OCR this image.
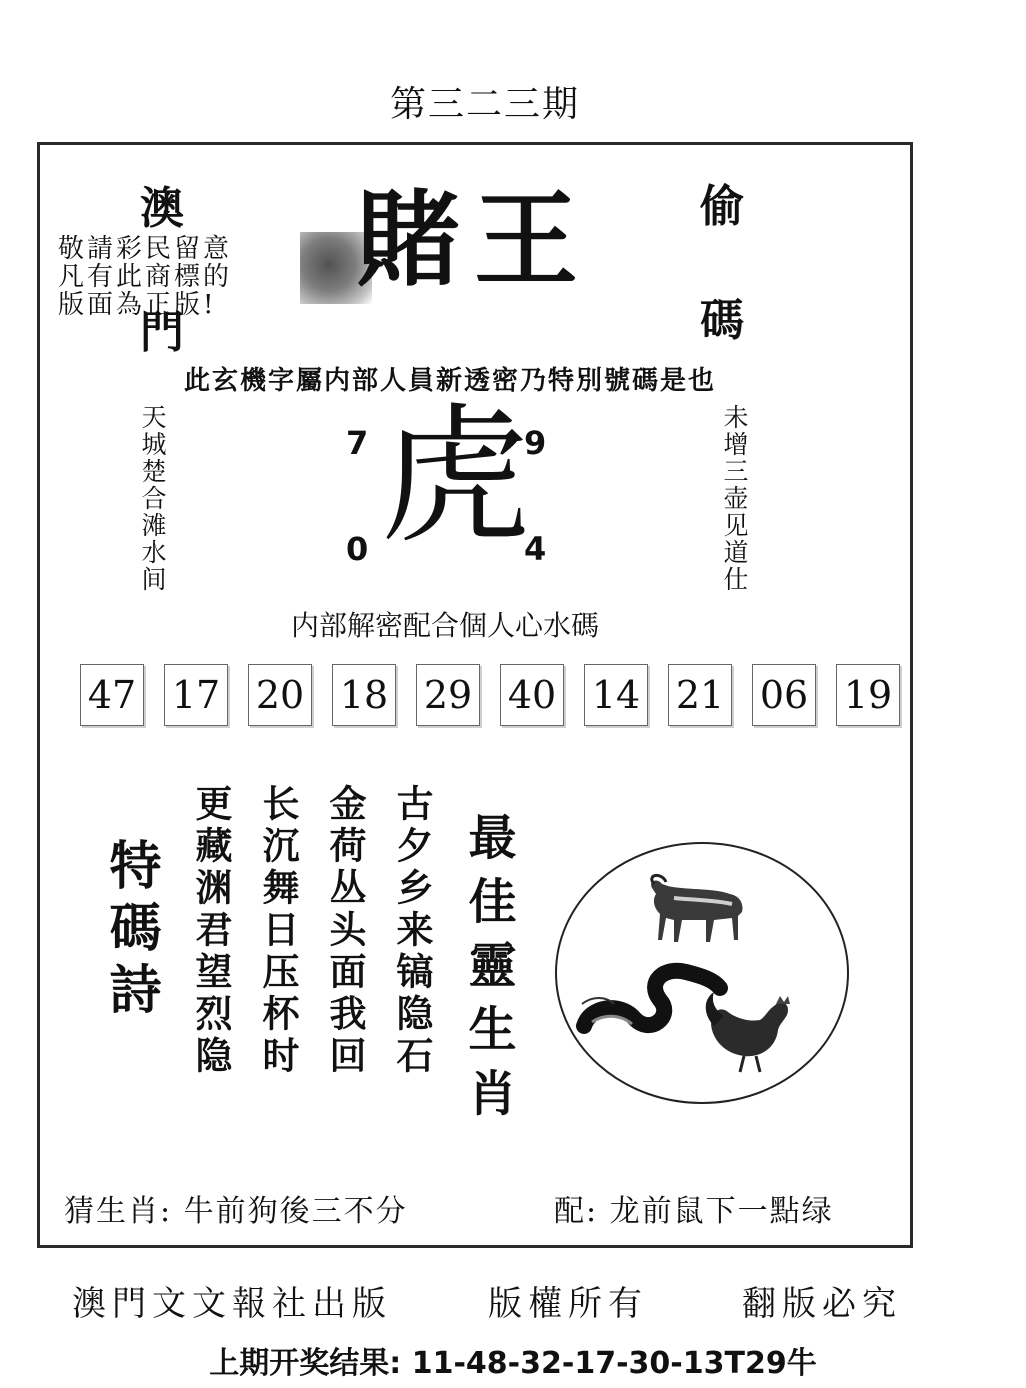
第三二三期
澳
門
偷
碼
賭王
敬請彩民留意
凡有此商標的
版面為正版!
此玄機字屬内部人員新透密乃特別號碼是也
天城楚合滩水间	未增三壶见道仕
虎
7	9
0	4
内部解密配合個人心水碼
47 17 20 18 29 40 14 21 06 19
特碼詩 更藏渊君望烈隐 长沉舞日压杯时 金荷丛头面我回 古夕乡来镐隐石 最佳靈生肖
猜生肖: 牛前狗後三不分	配: 龙前鼠下一點绿
澳門文文報社出版	版權所有	翻版必究
上期开奖结果: 11-48-32-17-30-13T29牛
